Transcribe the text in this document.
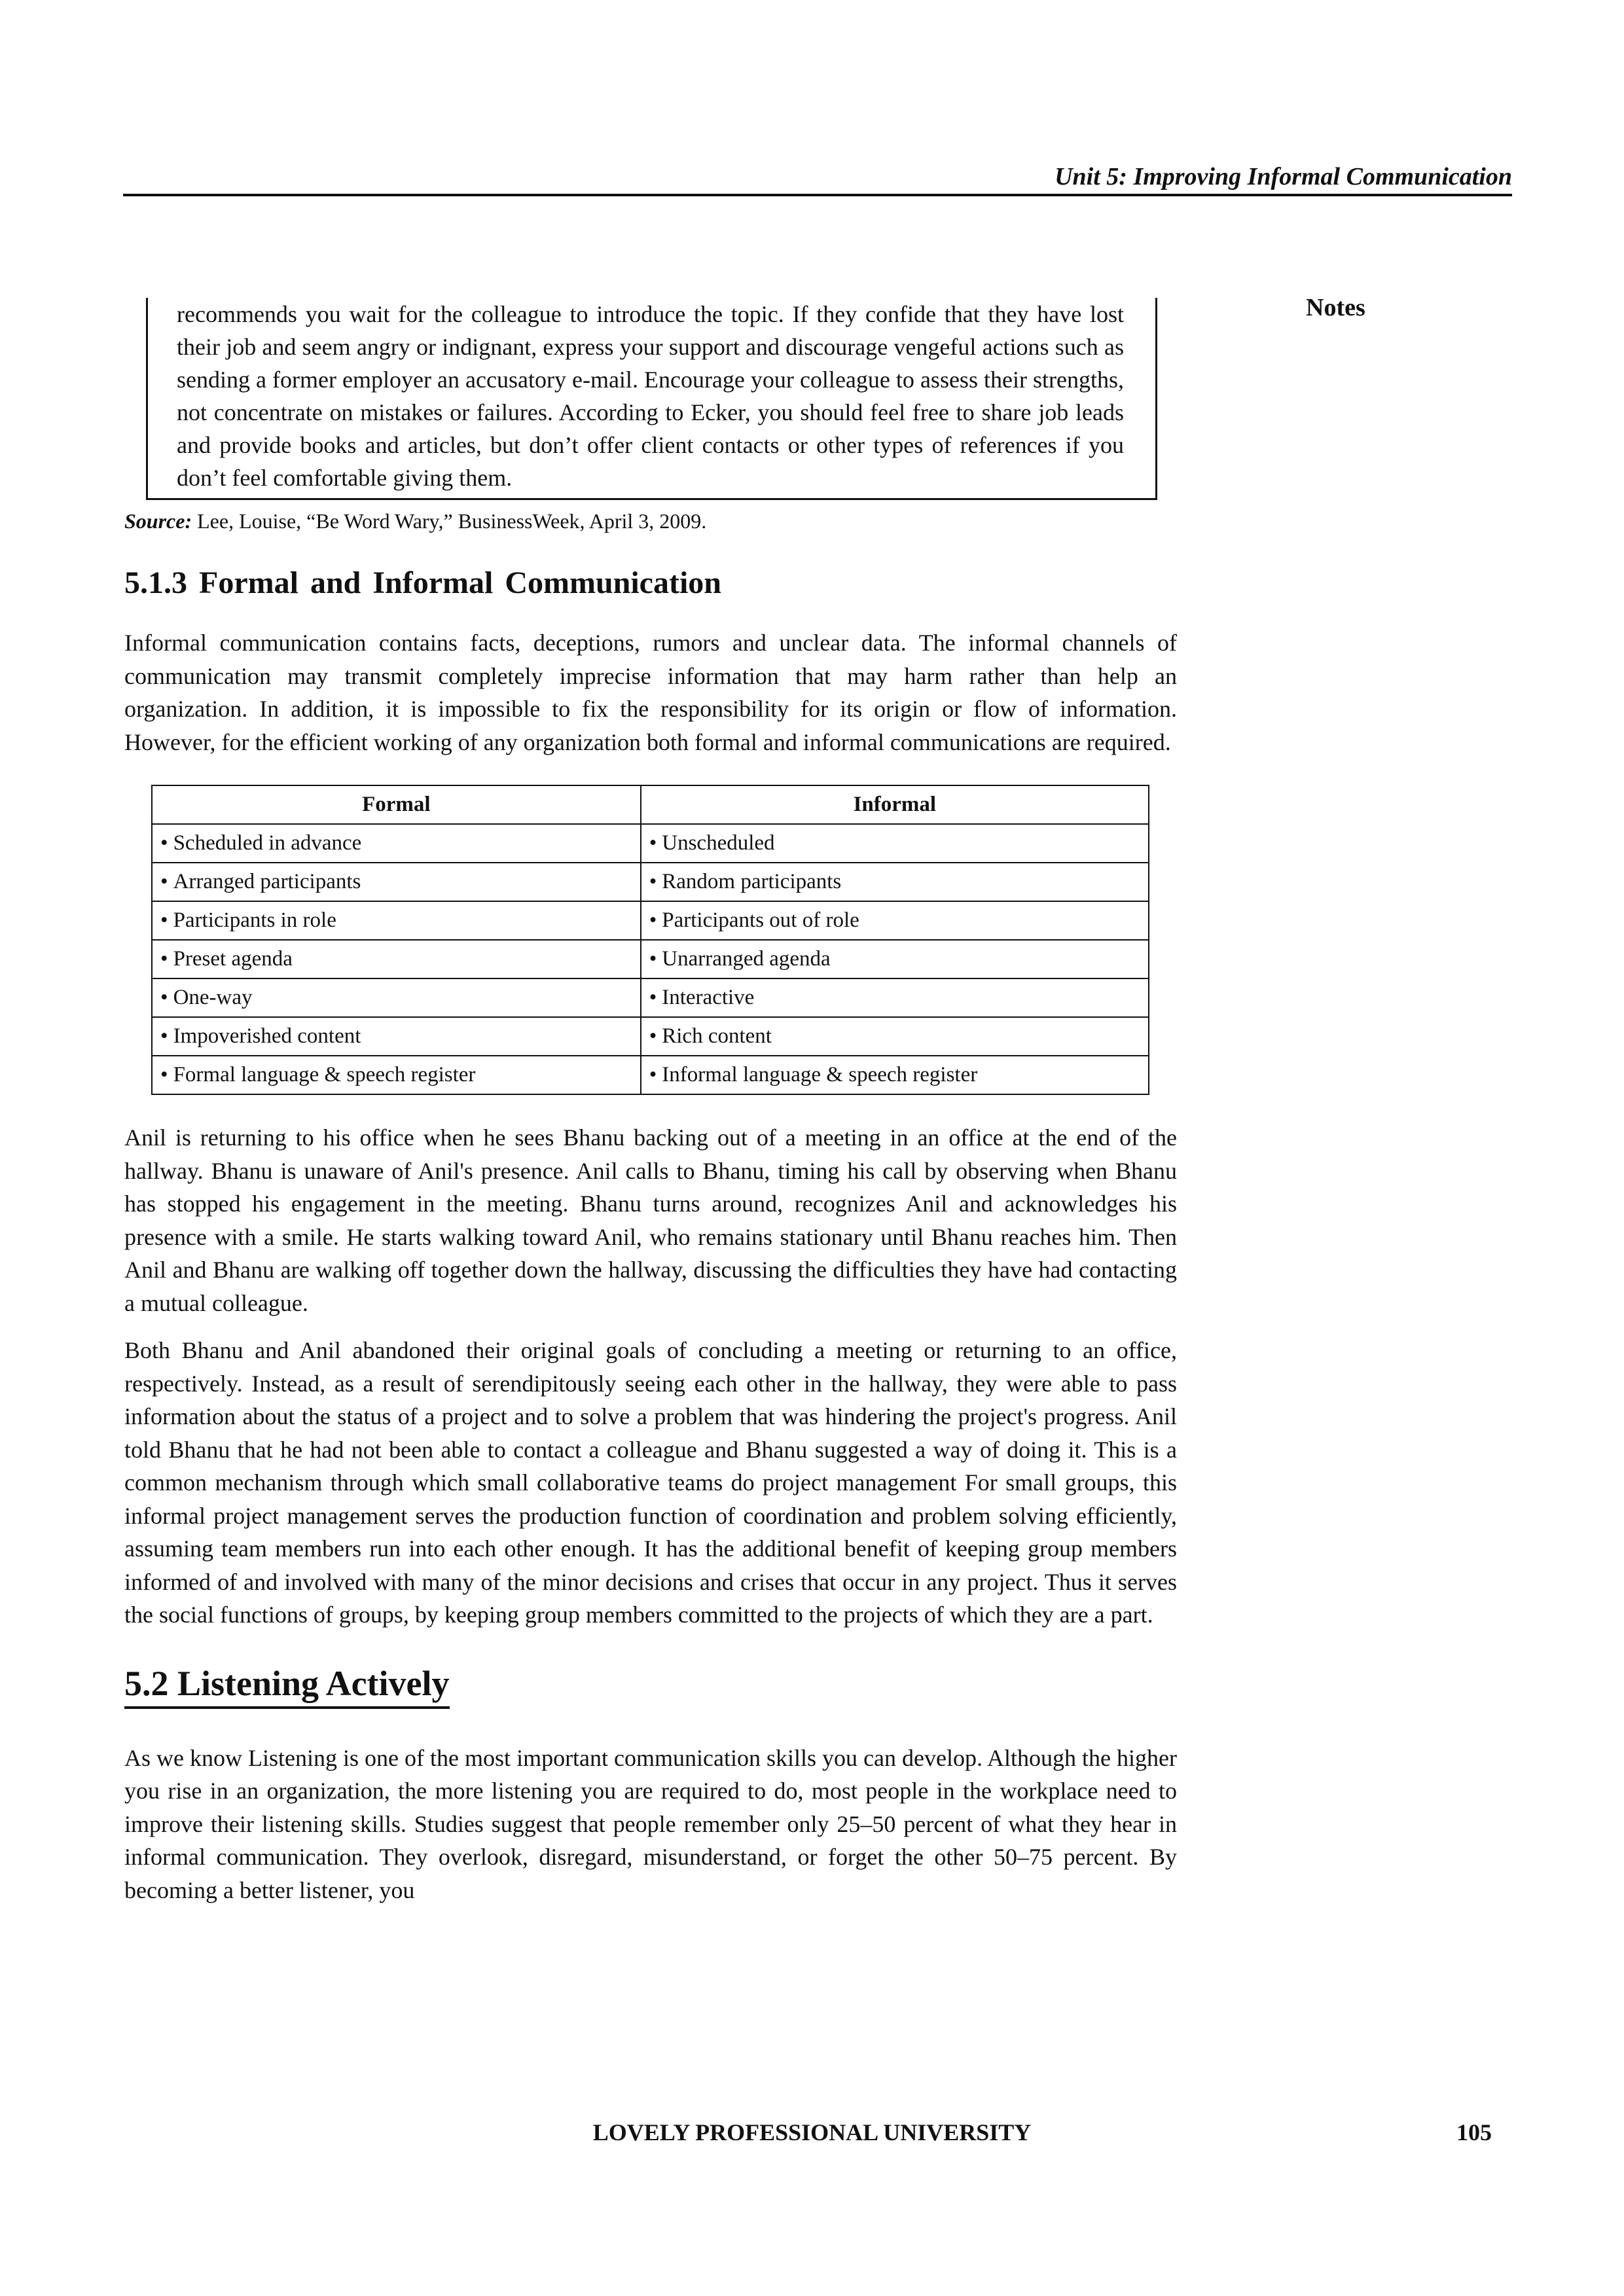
Unit 5: Improving Informal Communication
Notes
recommends you wait for the colleague to introduce the topic. If they confide that they have lost their job and seem angry or indignant, express your support and discourage vengeful actions such as sending a former employer an accusatory e-mail. Encourage your colleague to assess their strengths, not concentrate on mistakes or failures. According to Ecker, you should feel free to share job leads and provide books and articles, but don’t offer client contacts or other types of references if you don’t feel comfortable giving them.
Source: Lee, Louise, “Be Word Wary,” BusinessWeek, April 3, 2009.
5.1.3 Formal and Informal Communication

Informal communication contains facts, deceptions, rumors and unclear data. The informal channels of communication may transmit completely imprecise information that may harm rather than help an organization. In addition, it is impossible to fix the responsibility for its origin or flow of information. However, for the efficient working of any organization both formal and informal communications are required.

Formal	Informal
• Scheduled in advance	• Unscheduled
• Arranged participants	• Random participants
• Participants in role	• Participants out of role
• Preset agenda	• Unarranged agenda
• One-way	• Interactive
• Impoverished content	• Rich content
• Formal language & speech register	• Informal language & speech register

Anil is returning to his office when he sees Bhanu backing out of a meeting in an office at the end of the hallway. Bhanu is unaware of Anil's presence. Anil calls to Bhanu, timing his call by observing when Bhanu has stopped his engagement in the meeting. Bhanu turns around, recognizes Anil and acknowledges his presence with a smile. He starts walking toward Anil, who remains stationary until Bhanu reaches him. Then Anil and Bhanu are walking off together down the hallway, discussing the difficulties they have had contacting a mutual colleague.

Both Bhanu and Anil abandoned their original goals of concluding a meeting or returning to an office, respectively. Instead, as a result of serendipitously seeing each other in the hallway, they were able to pass information about the status of a project and to solve a problem that was hindering the project's progress. Anil told Bhanu that he had not been able to contact a colleague and Bhanu suggested a way of doing it. This is a common mechanism through which small collaborative teams do project management For small groups, this informal project management serves the production function of coordination and problem solving efficiently, assuming team members run into each other enough. It has the additional benefit of keeping group members informed of and involved with many of the minor decisions and crises that occur in any project. Thus it serves the social functions of groups, by keeping group members committed to the projects of which they are a part.

5.2 Listening Actively

As we know Listening is one of the most important communication skills you can develop. Although the higher you rise in an organization, the more listening you are required to do, most people in the workplace need to improve their listening skills. Studies suggest that people remember only 25–50 percent of what they hear in informal communication. They overlook, disregard, misunderstand, or forget the other 50–75 percent. By becoming a better listener, you

LOVELY PROFESSIONAL UNIVERSITY	105
